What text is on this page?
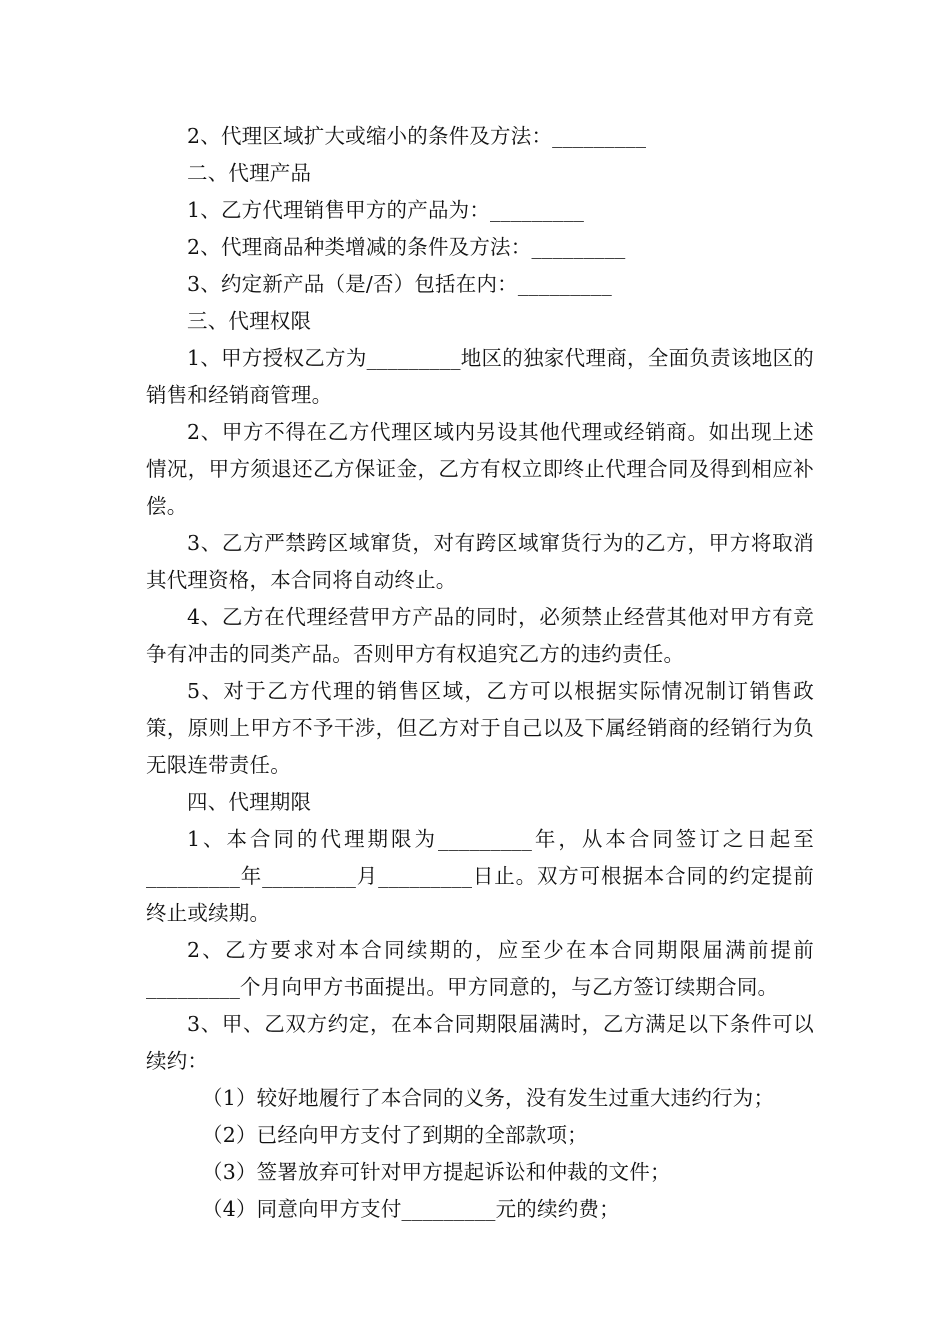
2、代理区域扩大或缩小的条件及方法：_________

二、代理产品

1、乙方代理销售甲方的产品为：_________

2、代理商品种类增减的条件及方法：_________

3、约定新产品（是/否）包括在内：_________

三、代理权限

1、甲方授权乙方为_________地区的独家代理商，全面负责该地区的销售和经销商管理。

2、甲方不得在乙方代理区域内另设其他代理或经销商。如出现上述情况，甲方须退还乙方保证金，乙方有权立即终止代理合同及得到相应补偿。

3、乙方严禁跨区域窜货，对有跨区域窜货行为的乙方，甲方将取消其代理资格，本合同将自动终止。

4、乙方在代理经营甲方产品的同时，必须禁止经营其他对甲方有竞争有冲击的同类产品。否则甲方有权追究乙方的违约责任。

5、对于乙方代理的销售区域，乙方可以根据实际情况制订销售政策，原则上甲方不予干涉，但乙方对于自己以及下属经销商的经销行为负无限连带责任。

四、代理期限

1、本合同的代理期限为_________年，从本合同签订之日起至_________年_________月_________日止。双方可根据本合同的约定提前终止或续期。

2、乙方要求对本合同续期的，应至少在本合同期限届满前提前_________个月向甲方书面提出。甲方同意的，与乙方签订续期合同。

3、甲、乙双方约定，在本合同期限届满时，乙方满足以下条件可以续约：

（1）较好地履行了本合同的义务，没有发生过重大违约行为；

（2）已经向甲方支付了到期的全部款项；

（3）签署放弃可针对甲方提起诉讼和仲裁的文件；

（4）同意向甲方支付_________元的续约费；
